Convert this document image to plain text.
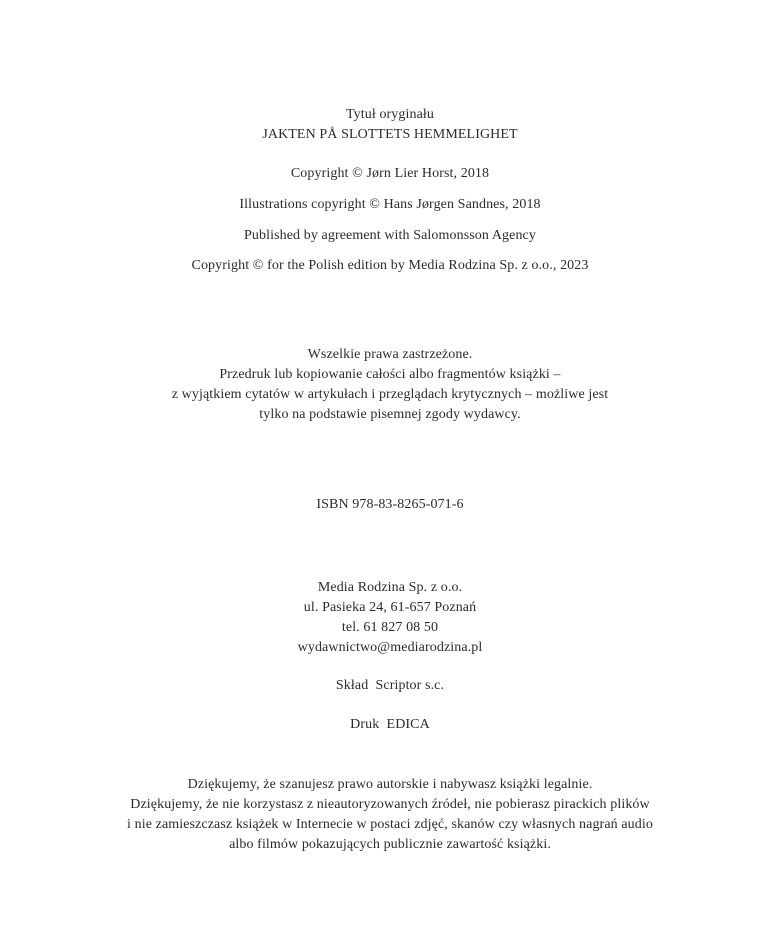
Tytuł oryginału
JAKTEN PÅ SLOTTETS HEMMELIGHET
Copyright © Jørn Lier Horst, 2018
Illustrations copyright © Hans Jørgen Sandnes, 2018
Published by agreement with Salomonsson Agency
Copyright © for the Polish edition by Media Rodzina Sp. z o.o., 2023
Wszelkie prawa zastrzeżone.
Przedruk lub kopiowanie całości albo fragmentów książki –
z wyjątkiem cytatów w artykułach i przeglądach krytycznych – możliwe jest
tylko na podstawie pisemnej zgody wydawcy.
ISBN 978-83-8265-071-6
Media Rodzina Sp. z o.o.
ul. Pasieka 24, 61-657 Poznań
tel. 61 827 08 50
wydawnictwo@mediarodzina.pl
Skład  Scriptor s.c.
Druk  EDICA
Dziękujemy, że szanujesz prawo autorskie i nabywasz książki legalnie.
Dziękujemy, że nie korzystasz z nieautoryzowanych źródeł, nie pobierasz pirackich plików
i nie zamieszczasz książek w Internecie w postaci zdjęć, skanów czy własnych nagrań audio
albo filmów pokazujących publicznie zawartość książki.
